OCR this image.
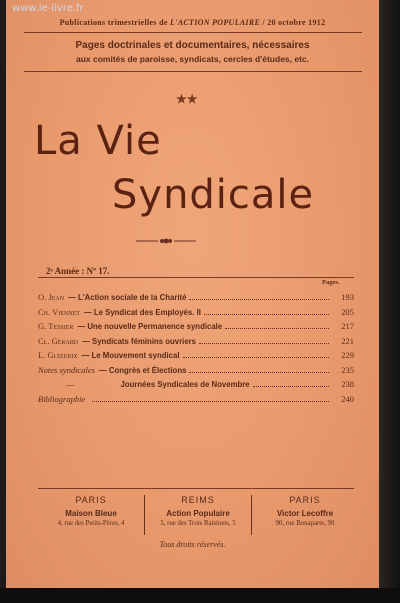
www.le-livre.fr
Publications trimestrielles de L'ACTION POPULAIRE / 20 octobre 1912
Pages doctrinales et documentaires, nécessaires
aux comités de paroisse, syndicats, cercles d'études, etc.
★★
La Vie
Syndicale
2ᵉ Année : Nº 17.
Pages.
O. Jean — L'Action sociale de la Charité	193
Ch. Viennet — Le Syndicat des Employés. II	205
G. Tessier — Une nouvelle Permanence syndicale	217
Cl. Gérard — Syndicats féminins ouvriers	221
L. Guizerix — Le Mouvement syndical	229
Notes syndicales — Congrès et Élections	235
—	Journées Syndicales de Novembre	238
Bibliographie	240
PARIS
Maison Bleue
4, rue des Petits-Pères, 4
REIMS
Action Populaire
5, rue des Trois Raisinets, 5
PARIS
Victor Lecoffre
90, rue Bonaparte, 90
Tous droits réservés.
